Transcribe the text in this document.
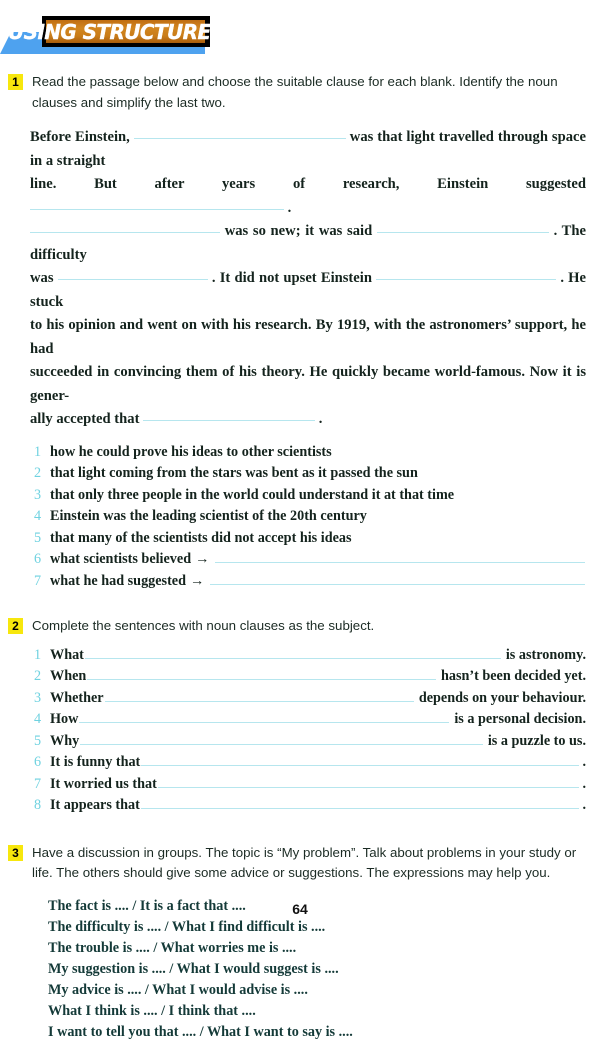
USING STRUCTURES
1 Read the passage below and choose the suitable clause for each blank. Identify the noun clauses and simplify the last two.
Before Einstein,	was that light travelled through space in a straight
line. But after years of research, Einstein suggested  .
was so new; it was said	. The difficulty
was	. It did not upset Einstein	. He stuck
to his opinion and went on with his research. By 1919, with the astronomers’ support, he had
succeeded in convincing them of his theory. He quickly became world-famous. Now it is gener-
ally accepted that	.
1 how he could prove his ideas to other scientists
2 that light coming from the stars was bent as it passed the sun
3 that only three people in the world could understand it at that time
4 Einstein was the leading scientist of the 20th century
5 that many of the scientists did not accept his ideas
6 what scientists believed →
7 what he had suggested →
2 Complete the sentences with noun clauses as the subject.
1 What	is astronomy.
2 When	hasn’t been decided yet.
3 Whether	depends on your behaviour.
4 How	is a personal decision.
5 Why	is a puzzle to us.
6 It is funny that	.
7 It worried us that	.
8 It appears that	.
3 Have a discussion in groups. The topic is “My problem”. Talk about problems in your study or life. The others should give some advice or suggestions. The expressions may help you.
The fact is .... / It is a fact that ....
The difficulty is .... / What I find difficult is ....
The trouble is .... / What worries me is ....
My suggestion is .... / What I would suggest is ....
My advice is .... / What I would advise is ....
What I think is .... / I think that ....
I want to tell you that .... / What I want to say is ....
64
